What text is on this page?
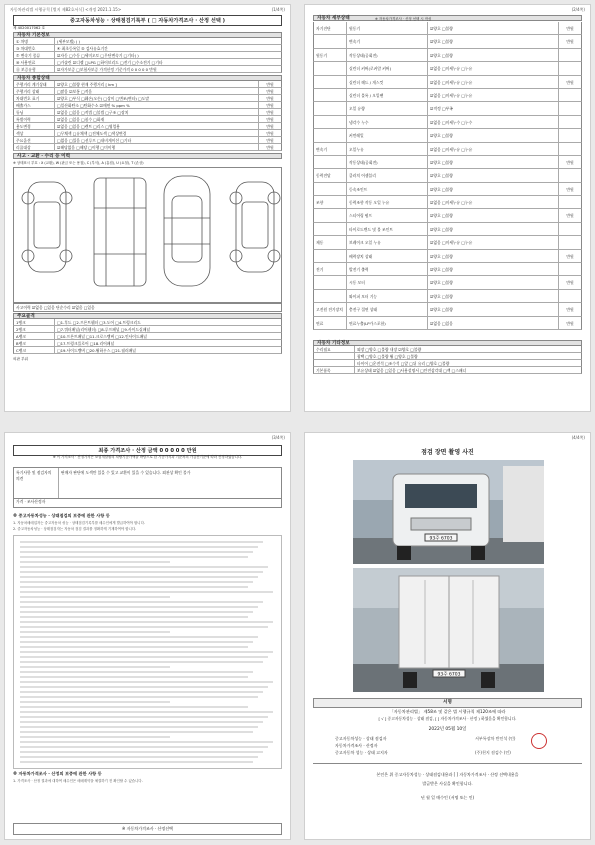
자동차관리법 시행규칙 [별지 제82호서식] <개정 2021.1.15>	(1/4쪽)
중고자동차성능 · 상태점검기록부 ( □ 자동차가격조사 · 산정 선택 )
제 4020017062 호
자동차 기본정보
① 차명	(세부모델) ( )
③ 차대번호	④ 최초등록일 ⑤ 검사유효기간
⑦ 변속기 종류	☑자동 □수동 □세미오토 □무단변속기 □기타( )
⑩ 사용연료	□가솔린 ☑디젤 □LPG □하이브리드 □전기 □수소전기 □기타
⑪ 보증유형	☑자가보증 □보험사보증 가격산정 기준가격 0 0 0 0 0 만원
자동차 종합상태
주행거리 계기상태	☑양호 □불량 현재 주행거리 [ km ]	만원
주행거리 상태	□많음 ☑보통 □적음	만원
차대번호 표기	☑양호 □부식 □훼손(오손) □상이 □변조(변타) □도말	만원
배출가스	□일산화탄소 □탄화수소 ☑매연 % ppm %	만원
튜닝	☑없음 □있음 □적법 □불법 □구조 □장치	만원
특별이력	☑없음 □있음 □침수 □화재	만원
용도변경	☑없음 □있음 □렌트 □리스 □영업용	만원
색상	□무채색 □유채색 □전체도색 □색상변경	만원
주요옵션	□없음 □있음 □선루프 □내비게이션 □기타	만원
리콜대상	☑해당없음 □해당 □이행 □미이행	만원
사고 · 교환 · 수리 등 이력
※ 상태표시 부호 : X (교환), W (판금 또는 용접), C (부식), A (흠집), U (요철), T (손상)
사고이력 ☑없음 □있음 단순수리 ☑없음 □있음
주요골격
1랭크	□1.후드 □2.프론트휀더 □3.도어 □4.트렁크리드
2랭크	□7.쿼터패널(리어휀더) □8.루프패널 □9.사이드실패널
A랭크	□10.프론트패널 □11.크로스멤버 □12.인사이드패널
B랭크	□17.트렁크플로어 □18.리어패널
C랭크	□19.사이드멤버 □20.휠하우스 □21.필러패널
외판 부위
(2/4쪽)
자동차 세부상태	※ 자동차가격조사 · 산정 선택 시 작성
자기진단	원동기	☑양호 □불량	만원
변속기	☑양호 □불량	만원
원동기	작동상태(공회전)	☑양호 □불량
실린더 커버(로커암 커버)	☑없음 □미세누유 □누유
실린더 헤드 / 개스킷	☑없음 □미세누유 □누유	만원
실린더 블록 / 오일팬	☑없음 □미세누유 □누유
오일 유량	☑적정 □부족
냉각수 누수	☑없음 □미세누수 □누수
커먼레일	☑양호 □불량
변속기	오일누유	☑없음 □미세누유 □누유
작동상태(공회전)	☑양호 □불량	만원
동력전달	클러치 어셈블리	☑양호 □불량
등속조인트	☑양호 □불량	만원
조향	동력조향 작동 오일 누유	☑없음 □미세누유 □누유
스티어링 펌프	☑양호 □불량	만원
타이로드엔드 및 볼 조인트	☑양호 □불량
제동	브레이크 오일 누유	☑없음 □미세누유 □누유
배력장치 상태	☑양호 □불량	만원
전기	발전기 출력	☑양호 □불량
시동 모터	☑양호 □불량	만원
와이퍼 모터 기능	☑양호 □불량
고전원 전기장치	충전구 절연 상태	☑양호 □불량	만원
연료	연료누출(LP가스포함)	☑없음 □있음	만원
자동차 기타정보
수리필요	외장 □양호 □불량 내장 ☑양호 □불량
광택 □양호 □불량 휠 □양호 □불량
타이어 □운전석 □조수석 □앞 □뒤 유리 □양호 □불량
기본품목	보유상태 ☑없음 □있음 □사용설명서 □안전삼각대 □잭 □스패너
(3/4쪽)
최종 가격조사 · 산정 금액 0 0 0 0 0 만원
※ 이 가격조사 · 산정가격은 보험개발원의 차량기준가액을 바탕으로 한 기준가격과 기준서의 가감산기준에 따라 산정하였습니다.
특기사항 및 점검자의 의견
판매자 판단에 도색만 있을 수 있고 교환이 있을 수 있습니다. 외관상 확인 불가
가격 · 조사산정자
※ 중고자동차성능 · 상태점검의 보증에 관한 사항 등
1. 자동차매매업자는 중고자동차 성능 · 상태점검기록부를 매수인에게 발급하여야 합니다.
2. 중고자동차성능 · 상태점검자는 자동차 점검 결과를 정확하게 기재하여야 합니다.
※ 자동차가격조사 · 산정의 보증에 관한 사항 등
1. 가격조사 · 산정 결과에 대하여 매수인은 매매계약을 체결하기 전 확인할 수 있습니다.
※ 자동차가격조사 · 산정선택
(4/4쪽)
점검 장면 촬영 사진
93주 6703
93주 6703
서명
「자동차관리법」 제58조 및 같은 법 시행규칙 제120조에 따라
[ √ ] 중고자동차성능 · 상태 점검, [ ] 자동차가격조사 · 산정 ) 하였음을 확인합니다.
2022년 05월 10일
중고자동차성능 · 상태 점검자
자동차가격조사 · 산정자
중고자동차 성능 · 상태 고지자
서부특장차 반인석 (인)
(주)천지 점검수 (인)
본인은 위 중고자동차성능 · 상태점검내용과 [ ] 자동차가격조사 · 산정 선택내용을
발급받은 사실을 확인합니다.
년 월 일 매수인 (서명 또는 인)
